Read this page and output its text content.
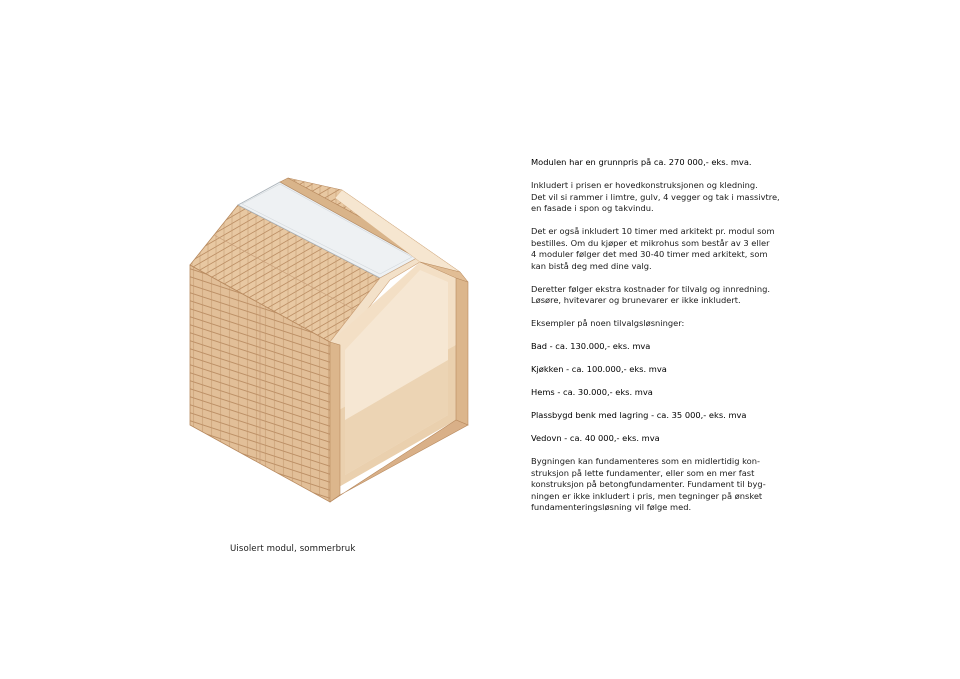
Uisolert modul, sommerbruk

Modulen har en grunnpris på ca. 270 000,- eks. mva.

Inkludert i prisen er hovedkonstruksjonen og kledning.
Det vil si rammer i limtre, gulv, 4 vegger og tak i massivtre,
en fasade i spon og takvindu.

Det er også inkludert 10 timer med arkitekt pr. modul som
bestilles. Om du kjøper et mikrohus som består av 3 eller
4 moduler følger det med 30-40 timer med arkitekt, som
kan bistå deg med dine valg.

Deretter følger ekstra kostnader for tilvalg og innredning.
Løsøre, hvitevarer og brunevarer er ikke inkludert.

Eksempler på noen tilvalgsløsninger:

Bad - ca. 130.000,- eks. mva

Kjøkken - ca. 100.000,- eks. mva

Hems - ca. 30.000,- eks. mva

Plassbygd benk med lagring - ca. 35 000,- eks. mva

Vedovn - ca. 40 000,- eks. mva

Bygningen kan fundamenteres som en midlertidig kon-
struksjon på lette fundamenter, eller som en mer fast
konstruksjon på betongfundamenter. Fundament til byg-
ningen er ikke inkludert i pris, men tegninger på ønsket
fundamenteringsløsning vil følge med.
